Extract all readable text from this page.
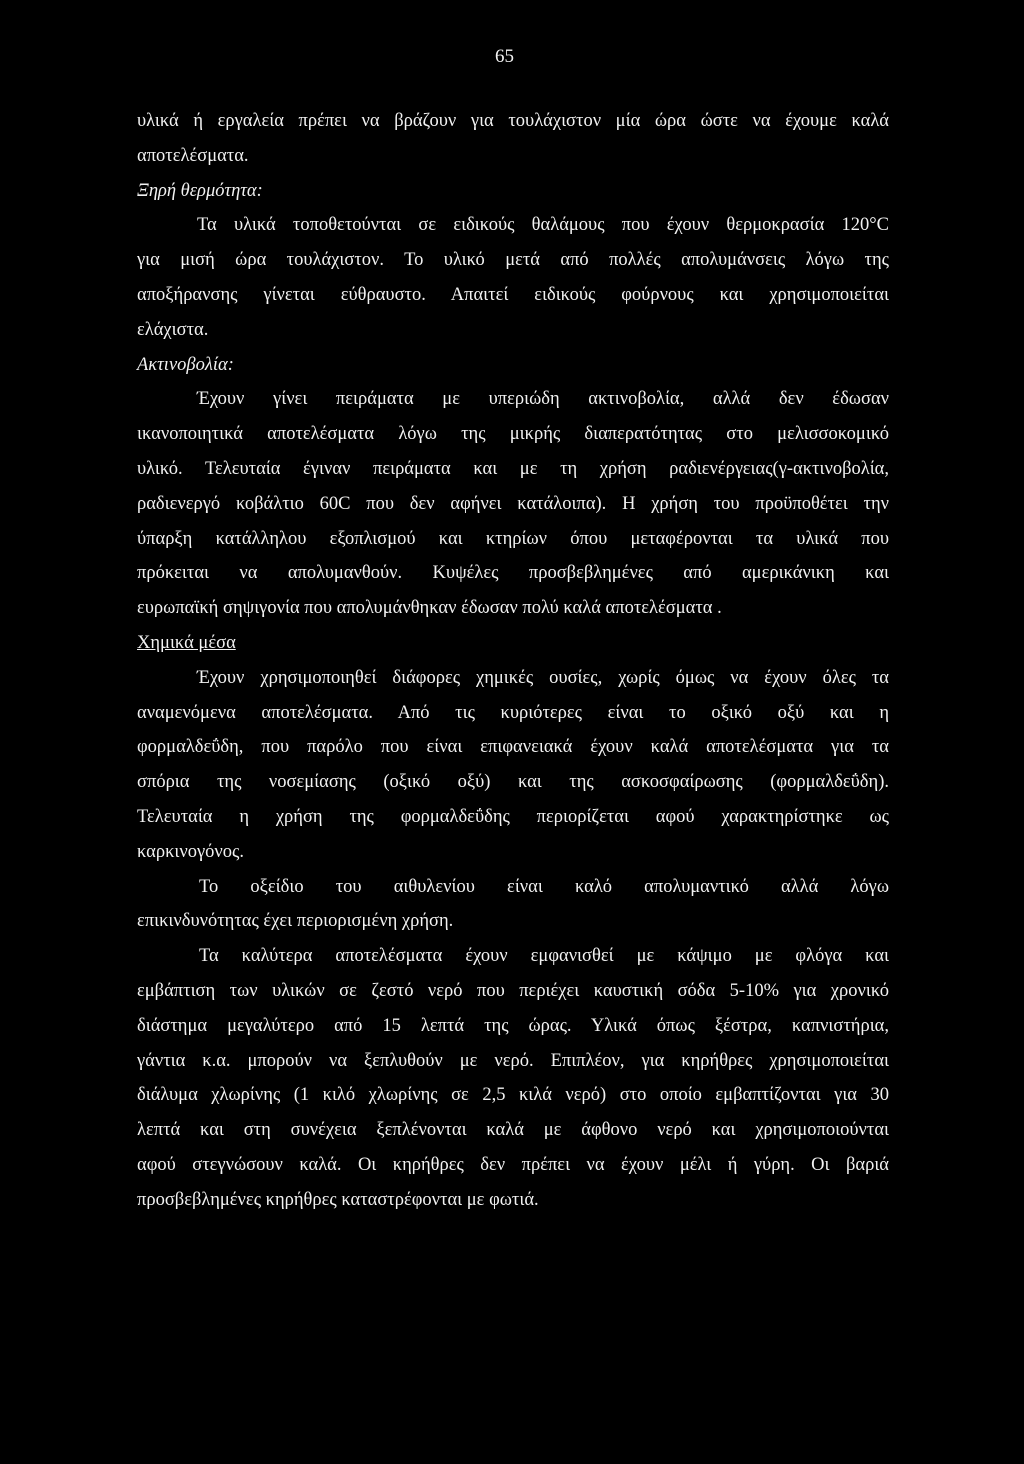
65
υλικά ή εργαλεία πρέπει να βράζουν για τουλάχιστον μία ώρα ώστε να έχουμε καλά
αποτελέσματα.
Ξηρή θερμότητα:
Τα υλικά τοποθετούνται σε ειδικούς θαλάμους που έχουν θερμοκρασία 120°C
για μισή ώρα τουλάχιστον. Το υλικό μετά από πολλές απολυμάνσεις λόγω της
αποξήρανσης γίνεται εύθραυστο. Απαιτεί ειδικούς φούρνους και χρησιμοποιείται
ελάχιστα.
Ακτινοβολία:
Έχουν γίνει πειράματα με υπεριώδη ακτινοβολία, αλλά δεν έδωσαν
ικανοποιητικά αποτελέσματα λόγω της μικρής διαπερατότητας στο μελισσοκομικό
υλικό. Τελευταία έγιναν πειράματα και με τη χρήση ραδιενέργειας(γ-ακτινοβολία,
ραδιενεργό κοβάλτιο 60C που δεν αφήνει κατάλοιπα). Η χρήση του προϋποθέτει την
ύπαρξη κατάλληλου εξοπλισμού και κτηρίων όπου μεταφέρονται τα υλικά που
πρόκειται να απολυμανθούν. Κυψέλες προσβεβλημένες από αμερικάνικη και
ευρωπαϊκή σηψιγονία που απολυμάνθηκαν έδωσαν πολύ καλά αποτελέσματα .
Χημικά μέσα
Έχουν χρησιμοποιηθεί διάφορες χημικές ουσίες, χωρίς όμως να έχουν όλες τα
αναμενόμενα αποτελέσματα. Από τις κυριότερες είναι το οξικό οξύ και η
φορμαλδεΰδη, που παρόλο που είναι επιφανειακά έχουν καλά αποτελέσματα για τα
σπόρια της νοσεμίασης (οξικό οξύ) και της ασκοσφαίρωσης (φορμαλδεΰδη).
Τελευταία η χρήση της φορμαλδεΰδης περιορίζεται αφού χαρακτηρίστηκε ως
καρκινογόνος.
Το οξείδιο του αιθυλενίου είναι καλό απολυμαντικό αλλά λόγω
επικινδυνότητας έχει περιορισμένη χρήση.
Τα καλύτερα αποτελέσματα έχουν εμφανισθεί με κάψιμο με φλόγα και
εμβάπτιση των υλικών σε ζεστό νερό που περιέχει καυστική σόδα 5-10% για χρονικό
διάστημα μεγαλύτερο από 15 λεπτά της ώρας. Υλικά όπως ξέστρα, καπνιστήρια,
γάντια κ.α. μπορούν να ξεπλυθούν με νερό. Επιπλέον, για κηρήθρες χρησιμοποιείται
διάλυμα χλωρίνης (1 κιλό χλωρίνης σε 2,5 κιλά νερό) στο οποίο εμβαπτίζονται για 30
λεπτά και στη συνέχεια ξεπλένονται καλά με άφθονο νερό και χρησιμοποιούνται
αφού στεγνώσουν καλά. Οι κηρήθρες δεν πρέπει να έχουν μέλι ή γύρη. Οι βαριά
προσβεβλημένες κηρήθρες καταστρέφονται με φωτιά.
